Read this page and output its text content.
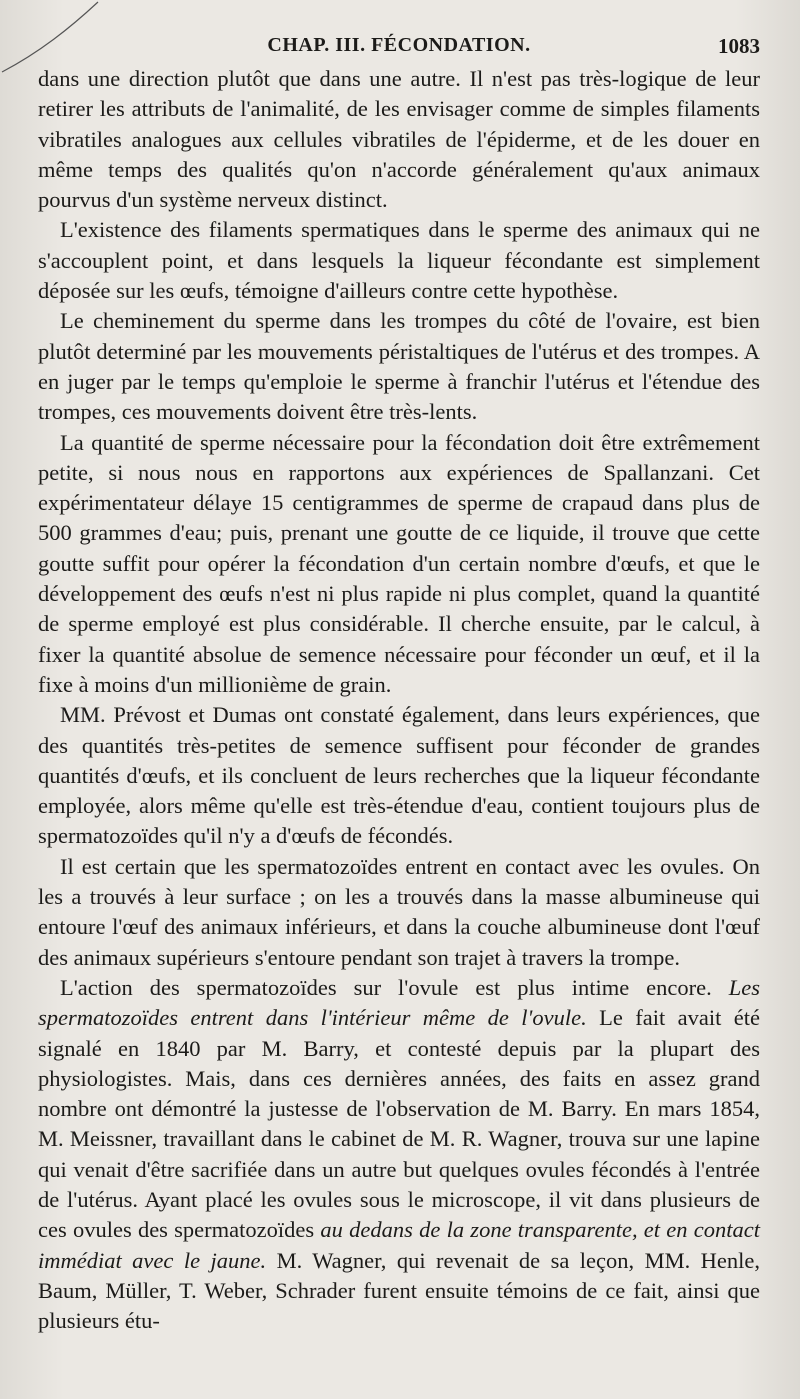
CHAP. III. FÉCONDATION.	1083

dans une direction plutôt que dans une autre. Il n'est pas très-logique de leur retirer les attributs de l'animalité, de les envisager comme de simples filaments vibratiles analogues aux cellules vibratiles de l'épiderme, et de les douer en même temps des qualités qu'on n'accorde généralement qu'aux animaux pourvus d'un système nerveux distinct.

L'existence des filaments spermatiques dans le sperme des animaux qui ne s'accouplent point, et dans lesquels la liqueur fécondante est simplement déposée sur les œufs, témoigne d'ailleurs contre cette hypothèse.

Le cheminement du sperme dans les trompes du côté de l'ovaire, est bien plutôt determiné par les mouvements péristaltiques de l'utérus et des trompes. A en juger par le temps qu'emploie le sperme à franchir l'utérus et l'étendue des trompes, ces mouvements doivent être très-lents.

La quantité de sperme nécessaire pour la fécondation doit être extrêmement petite, si nous nous en rapportons aux expériences de Spallanzani. Cet expérimentateur délaye 15 centigrammes de sperme de crapaud dans plus de 500 grammes d'eau; puis, prenant une goutte de ce liquide, il trouve que cette goutte suffit pour opérer la fécondation d'un certain nombre d'œufs, et que le développement des œufs n'est ni plus rapide ni plus complet, quand la quantité de sperme employé est plus considérable. Il cherche ensuite, par le calcul, à fixer la quantité absolue de semence nécessaire pour féconder un œuf, et il la fixe à moins d'un millionième de grain.

MM. Prévost et Dumas ont constaté également, dans leurs expériences, que des quantités très-petites de semence suffisent pour féconder de grandes quantités d'œufs, et ils concluent de leurs recherches que la liqueur fécondante employée, alors même qu'elle est très-étendue d'eau, contient toujours plus de spermatozoïdes qu'il n'y a d'œufs de fécondés.

Il est certain que les spermatozoïdes entrent en contact avec les ovules. On les a trouvés à leur surface ; on les a trouvés dans la masse albumineuse qui entoure l'œuf des animaux inférieurs, et dans la couche albumineuse dont l'œuf des animaux supérieurs s'entoure pendant son trajet à travers la trompe.

L'action des spermatozoïdes sur l'ovule est plus intime encore. Les spermatozoïdes entrent dans l'intérieur même de l'ovule. Le fait avait été signalé en 1840 par M. Barry, et contesté depuis par la plupart des physiologistes. Mais, dans ces dernières années, des faits en assez grand nombre ont démontré la justesse de l'observation de M. Barry. En mars 1854, M. Meissner, travaillant dans le cabinet de M. R. Wagner, trouva sur une lapine qui venait d'être sacrifiée dans un autre but quelques ovules fécondés à l'entrée de l'utérus. Ayant placé les ovules sous le microscope, il vit dans plusieurs de ces ovules des spermatozoïdes au dedans de la zone transparente, et en contact immédiat avec le jaune. M. Wagner, qui revenait de sa leçon, MM. Henle, Baum, Müller, T. Weber, Schrader furent ensuite témoins de ce fait, ainsi que plusieurs étu-
